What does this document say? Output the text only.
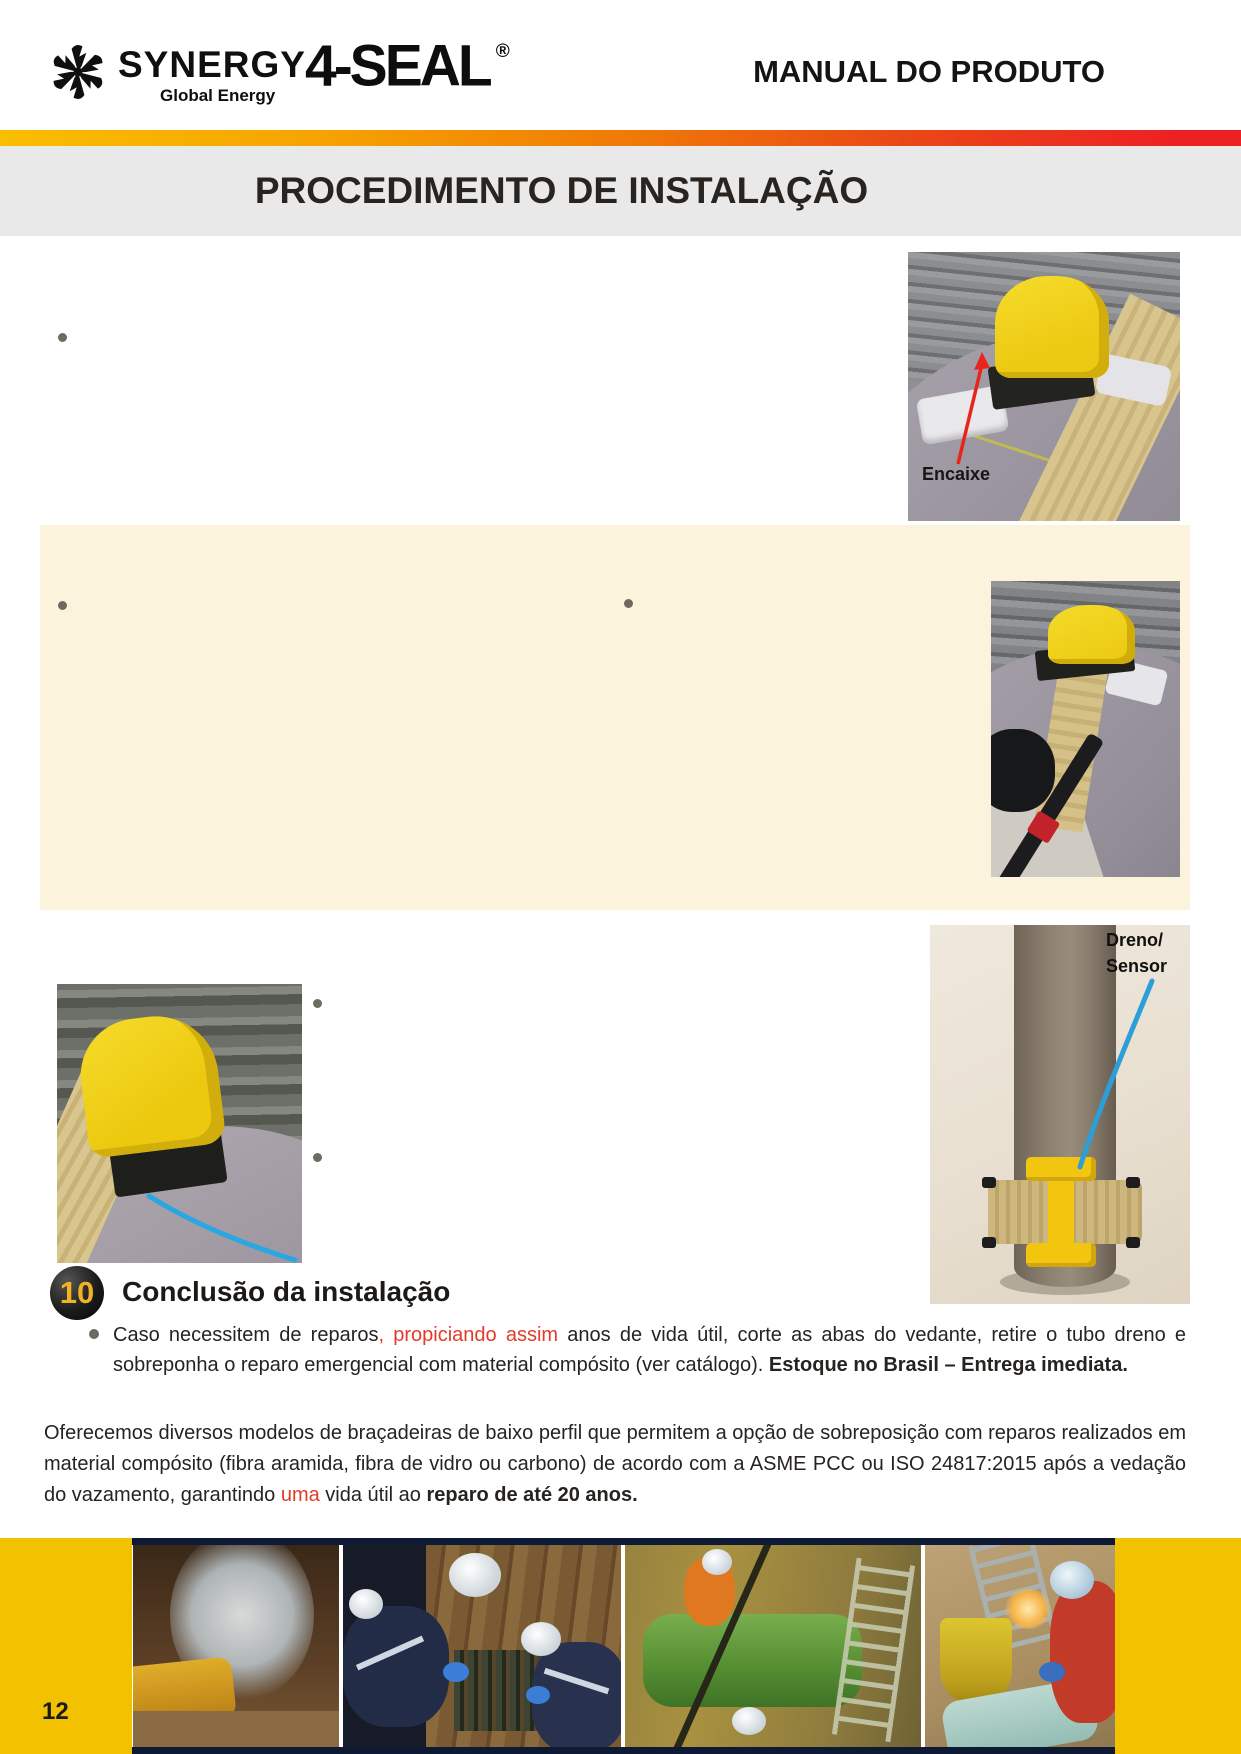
SYNERGY
Global Energy 4-SEAL ®
MANUAL DO PRODUTO
PROCEDIMENTO DE INSTALAÇÃO
Encaixe
Dreno/
Sensor
10 Conclusão da instalação
Caso necessitem de reparos, propiciando assim anos de vida útil, corte as abas do vedante, retire o tubo dreno e sobreponha o reparo emergencial com material compósito (ver catálogo). Estoque no Brasil – Entrega imediata.
Oferecemos diversos modelos de braçadeiras de baixo perfil que permitem a opção de sobreposição com reparos realizados em material compósito (fibra aramida, fibra de vidro ou carbono) de acordo com a ASME PCC ou ISO 24817:2015 após a vedação do vazamento, garantindo uma vida útil ao reparo de até 20 anos.
12
